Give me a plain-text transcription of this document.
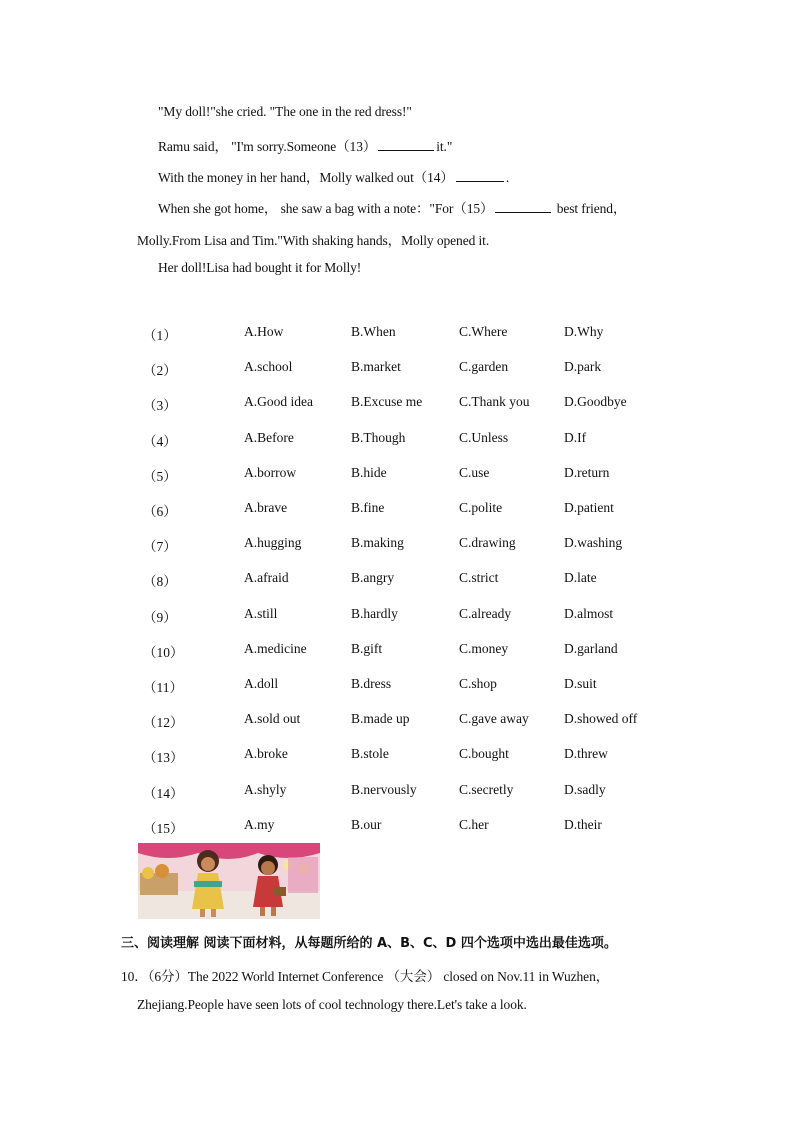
"My doll!"she cried. "The one in the red dress!"
Ramu said， "I'm sorry.Someone（13）	it."
With the money in her hand，Molly walked out（14）	.
When she got home， she saw a bag with a note："For（15）	best friend，
Molly.From Lisa and Tim."With shaking hands，Molly opened it.
Her doll!Lisa had bought it for Molly!
（1）	A.How	B.When	C.Where	D.Why
（2）	A.school	B.market	C.garden	D.park
（3）	A.Good idea	B.Excuse me	C.Thank you	D.Goodbye
（4）	A.Before	B.Though	C.Unless	D.If
（5）	A.borrow	B.hide	C.use	D.return
（6）	A.brave	B.fine	C.polite	D.patient
（7）	A.hugging	B.making	C.drawing	D.washing
（8）	A.afraid	B.angry	C.strict	D.late
（9）	A.still	B.hardly	C.already	D.almost
（10）	A.medicine	B.gift	C.money	D.garland
（11）	A.doll	B.dress	C.shop	D.suit
（12）	A.sold out	B.made up	C.gave away	D.showed off
（13）	A.broke	B.stole	C.bought	D.threw
（14）	A.shyly	B.nervously	C.secretly	D.sadly
（15）	A.my	B.our	C.her	D.their
三、阅读理解 阅读下面材料，从每题所给的 A、B、C、D 四个选项中选出最佳选项。
10．（6分）The 2022 World Internet Conference （大会） closed on Nov.11 in Wuzhen，
Zhejiang.People have seen lots of cool technology there.Let's take a look.
